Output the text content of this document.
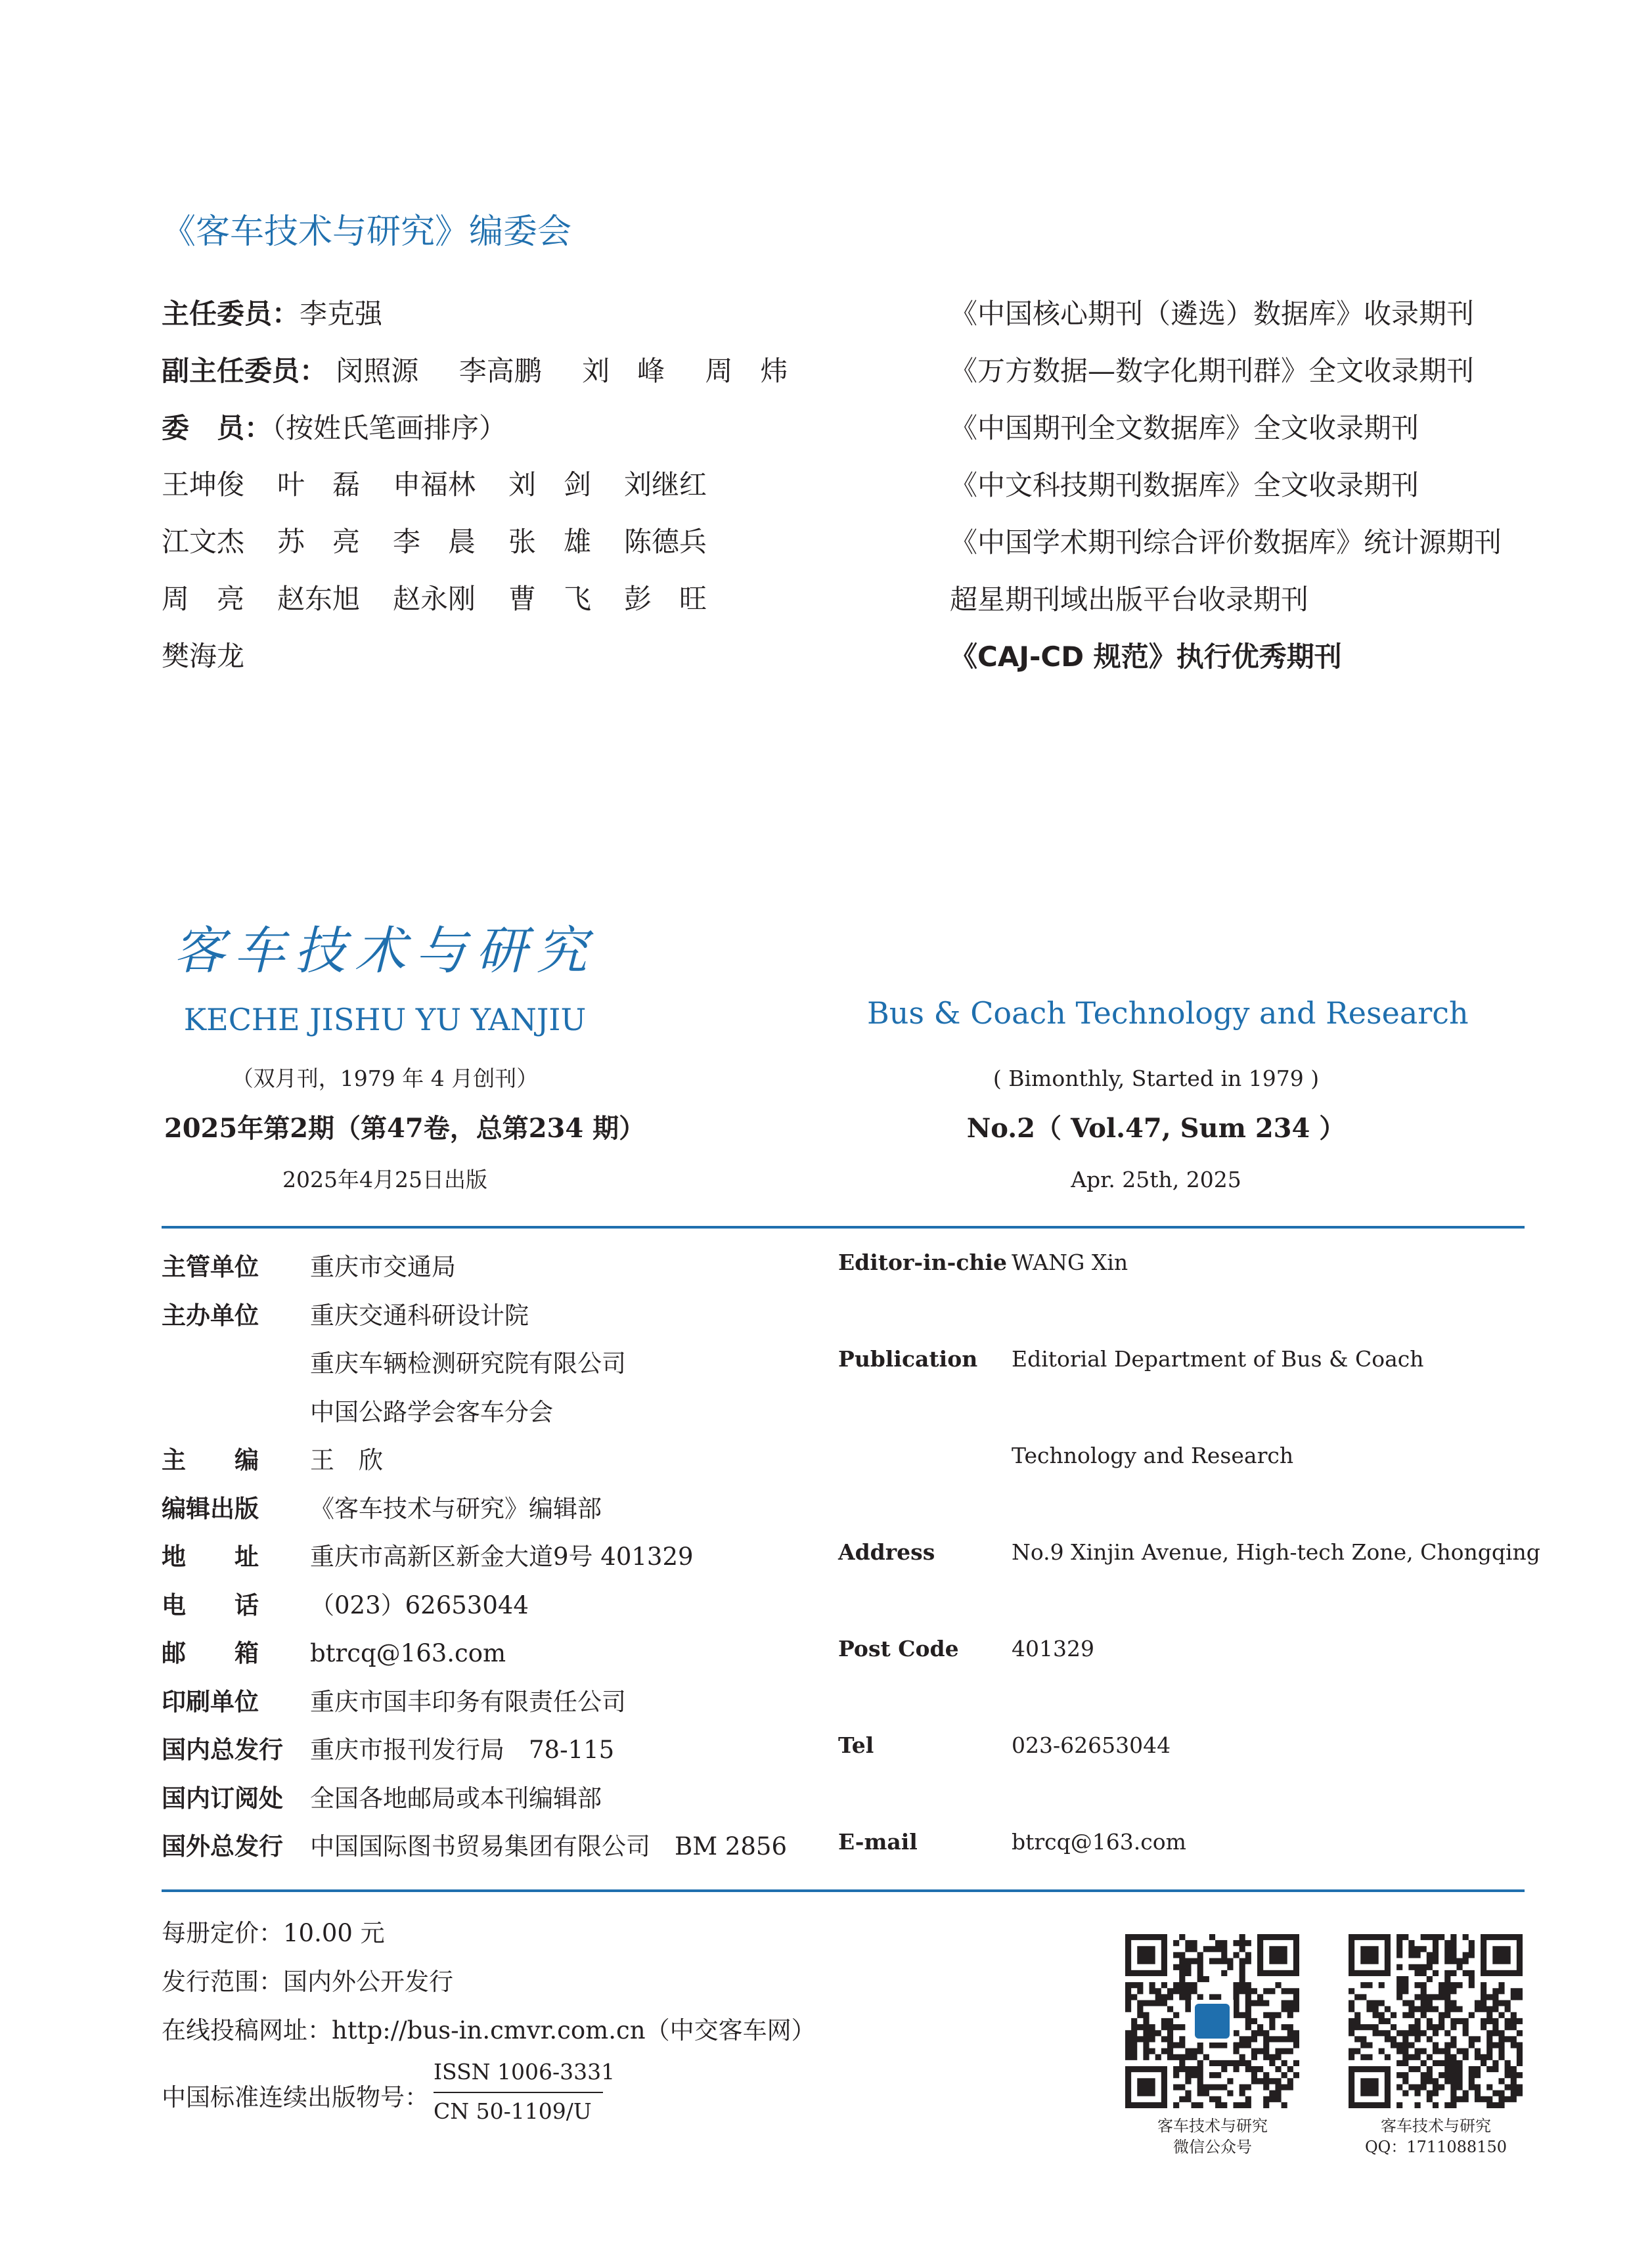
《客车技术与研究》编委会
主任委员：李克强
副主任委员： 闵照源 李高鹏 刘　峰 周　炜
委　员：（按姓氏笔画排序）
王坤俊 叶　磊 申福林 刘　剑 刘继红
江文杰 苏　亮 李　晨 张　雄 陈德兵
周　亮 赵东旭 赵永刚 曹　飞 彭　旺
樊海龙
《中国核心期刊（遴选）数据库》收录期刊
《万方数据—数字化期刊群》全文收录期刊
《中国期刊全文数据库》全文收录期刊
《中文科技期刊数据库》全文收录期刊
《中国学术期刊综合评价数据库》统计源期刊
超星期刊域出版平台收录期刊
《CAJ-CD 规范》执行优秀期刊
客车技术与研究
KECHE JISHU YU YANJIU
（双月刊，1979 年 4 月创刊）
2025年第2期（第47卷，总第234 期）
2025年4月25日出版
Bus & Coach Technology and Research
( Bimonthly, Started in 1979 )
No.2（ Vol.47, Sum 234 ）
Apr. 25th, 2025
主管单位 重庆市交通局
主办单位 重庆交通科研设计院
重庆车辆检测研究院有限公司
中国公路学会客车分会
主　　编 王　欣
编辑出版 《客车技术与研究》编辑部
地　　址 重庆市高新区新金大道9号 401329
电　　话 （023）62653044
邮　　箱 btrcq@163.com
印刷单位 重庆市国丰印务有限责任公司
国内总发行 重庆市报刊发行局　78-115
国内订阅处 全国各地邮局或本刊编辑部
国外总发行 中国国际图书贸易集团有限公司　BM 2856
Editor-in-chie WANG Xin
Publication Editorial Department of Bus & Coach
Technology and Research
Address	No.9 Xinjin Avenue, High-tech Zone, Chongqing
Post Code 401329
Tel	023-62653044
E-mail	btrcq@163.com
每册定价：10.00 元
发行范围：国内外公开发行
在线投稿网址：http://bus-in.cmvr.com.cn（中交客车网）
中国标准连续出版物号：
ISSN 1006-3331
CN 50-1109/U
客车技术与研究
微信公众号
客车技术与研究
QQ：1711088150
